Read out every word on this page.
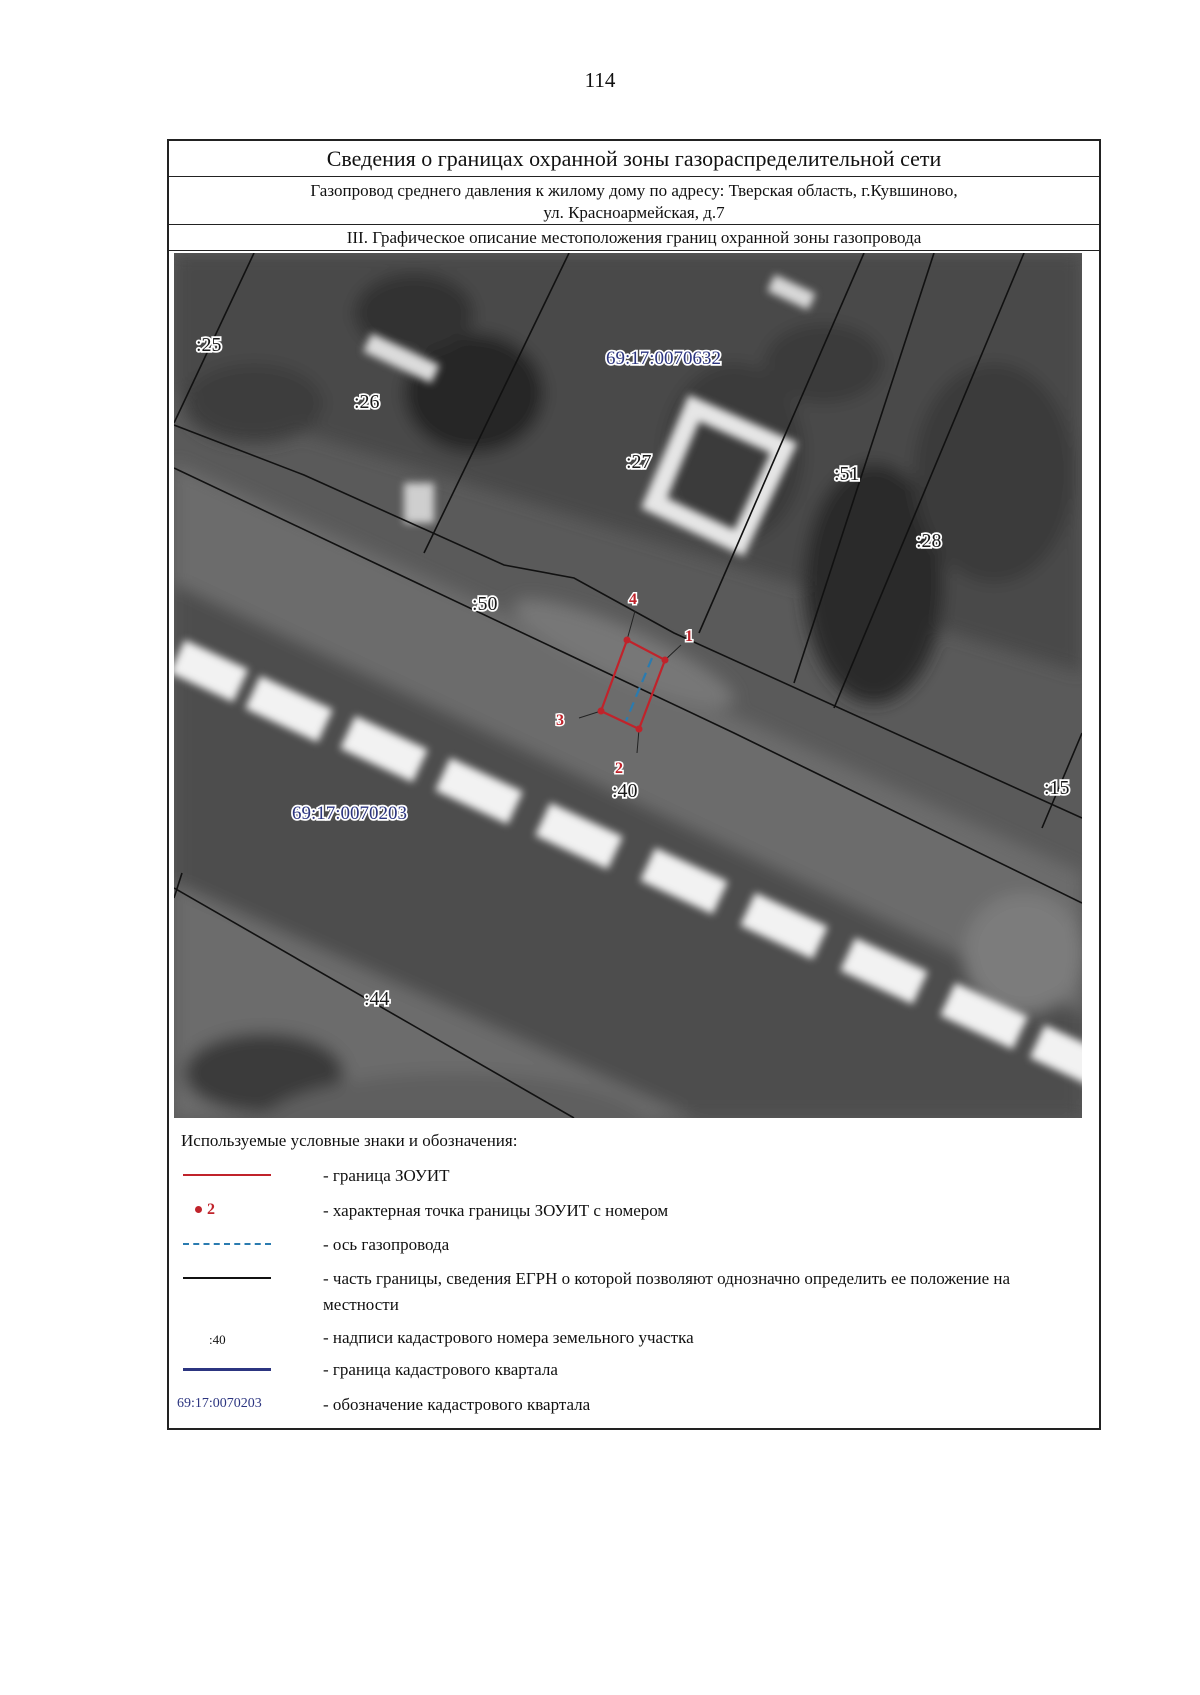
114
Сведения о границах охранной зоны газораспределительной сети
Газопровод среднего давления к жилому дому по адресу: Тверская область, г.Кувшиново,
ул. Красноармейская, д.7
III. Графическое описание местоположения границ охранной зоны газопровода
1
2
3
4
:25
:26
:27
:51
:28
:50
:40	:15
:44
69:17:0070632
69:17:0070203
Используемые условные знаки и обозначения:
- граница ЗОУИТ
2	- характерная точка границы ЗОУИТ с номером
- ось газопровода
- часть границы, сведения ЕГРН о которой позволяют однозначно определить ее положение на местности
:40	- надписи кадастрового номера земельного участка
- граница кадастрового квартала
69:17:0070203	- обозначение кадастрового квартала
